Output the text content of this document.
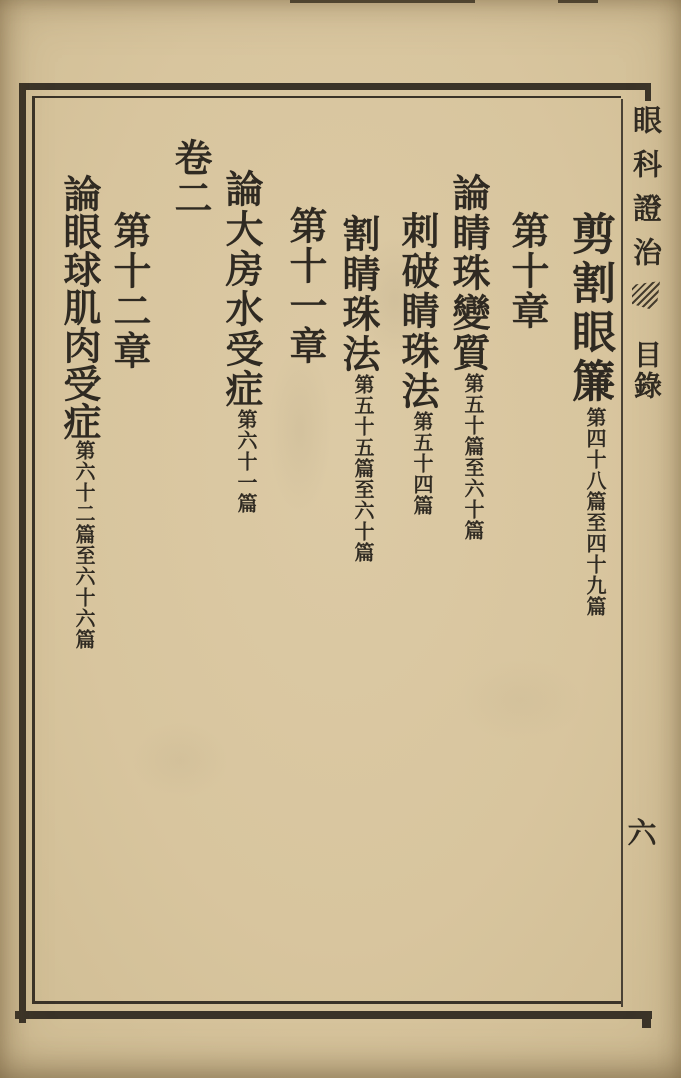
眼科證治目錄
六
剪割眼簾第四十八篇至四十九篇
第十章
論睛珠變質第五十篇至六十篇
刺破睛珠法第五十四篇
割睛珠法第五十五篇至六十篇
第十一章
論大房水受症第六十一篇
卷二
第十二章
論眼球肌肉受症第六十二篇至六十六篇
